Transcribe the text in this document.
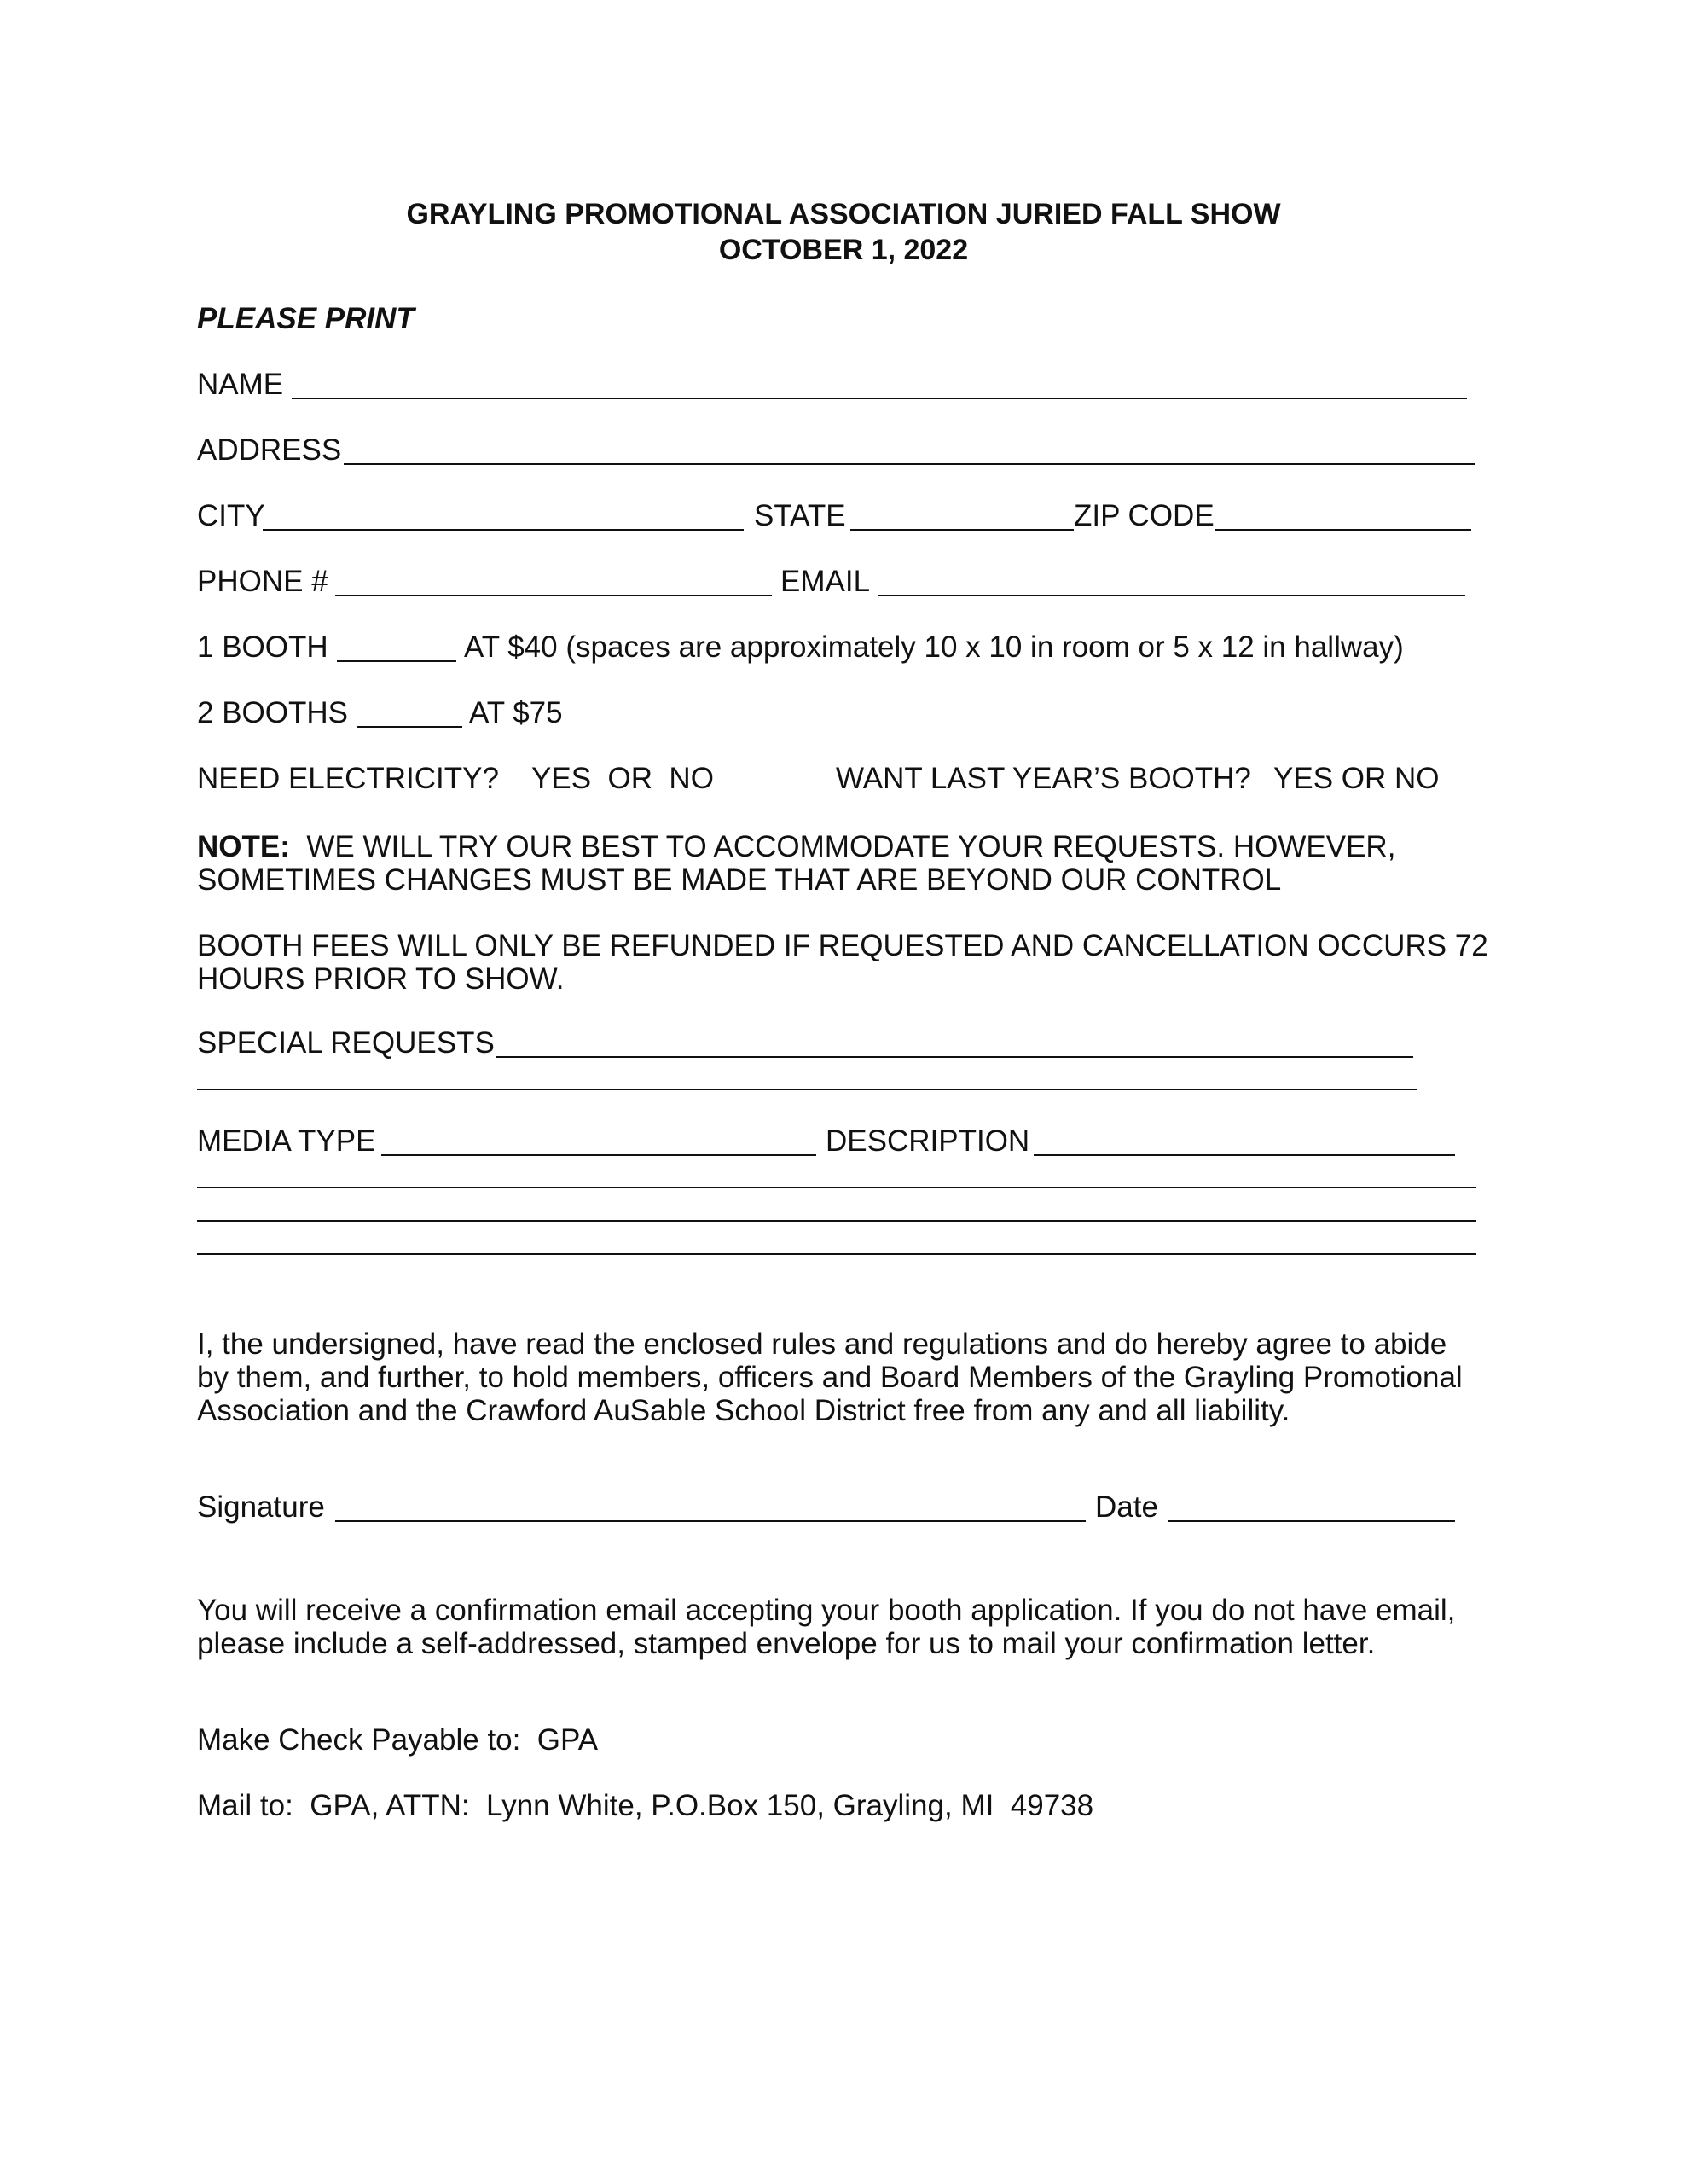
GRAYLING PROMOTIONAL ASSOCIATION JURIED FALL SHOW
OCTOBER 1, 2022
PLEASE PRINT
NAME
ADDRESS
CITY	STATE	ZIP CODE
PHONE #	EMAIL
1 BOOTH	AT $40 (spaces are approximately 10 x 10 in room or 5 x 12 in hallway)
2 BOOTHS	AT $75
NEED ELECTRICITY? YES  OR  NO	WANT LAST YEAR’S BOOTH? YES OR NO

NOTE: WE WILL TRY OUR BEST TO ACCOMMODATE YOUR REQUESTS. HOWEVER, SOMETIMES CHANGES MUST BE MADE THAT ARE BEYOND OUR CONTROL

BOOTH FEES WILL ONLY BE REFUNDED IF REQUESTED AND CANCELLATION OCCURS 72 HOURS PRIOR TO SHOW.
SPECIAL REQUESTS
MEDIA TYPE	DESCRIPTION
I, the undersigned, have read the enclosed rules and regulations and do hereby agree to abide by them, and further, to hold members, officers and Board Members of the Grayling Promotional Association and the Crawford AuSable School District free from any and all liability.
Signature	Date
You will receive a confirmation email accepting your booth application. If you do not have email, please include a self-addressed, stamped envelope for us to mail your confirmation letter.
Make Check Payable to:  GPA
Mail to:  GPA, ATTN:  Lynn White, P.O.Box 150, Grayling, MI  49738
